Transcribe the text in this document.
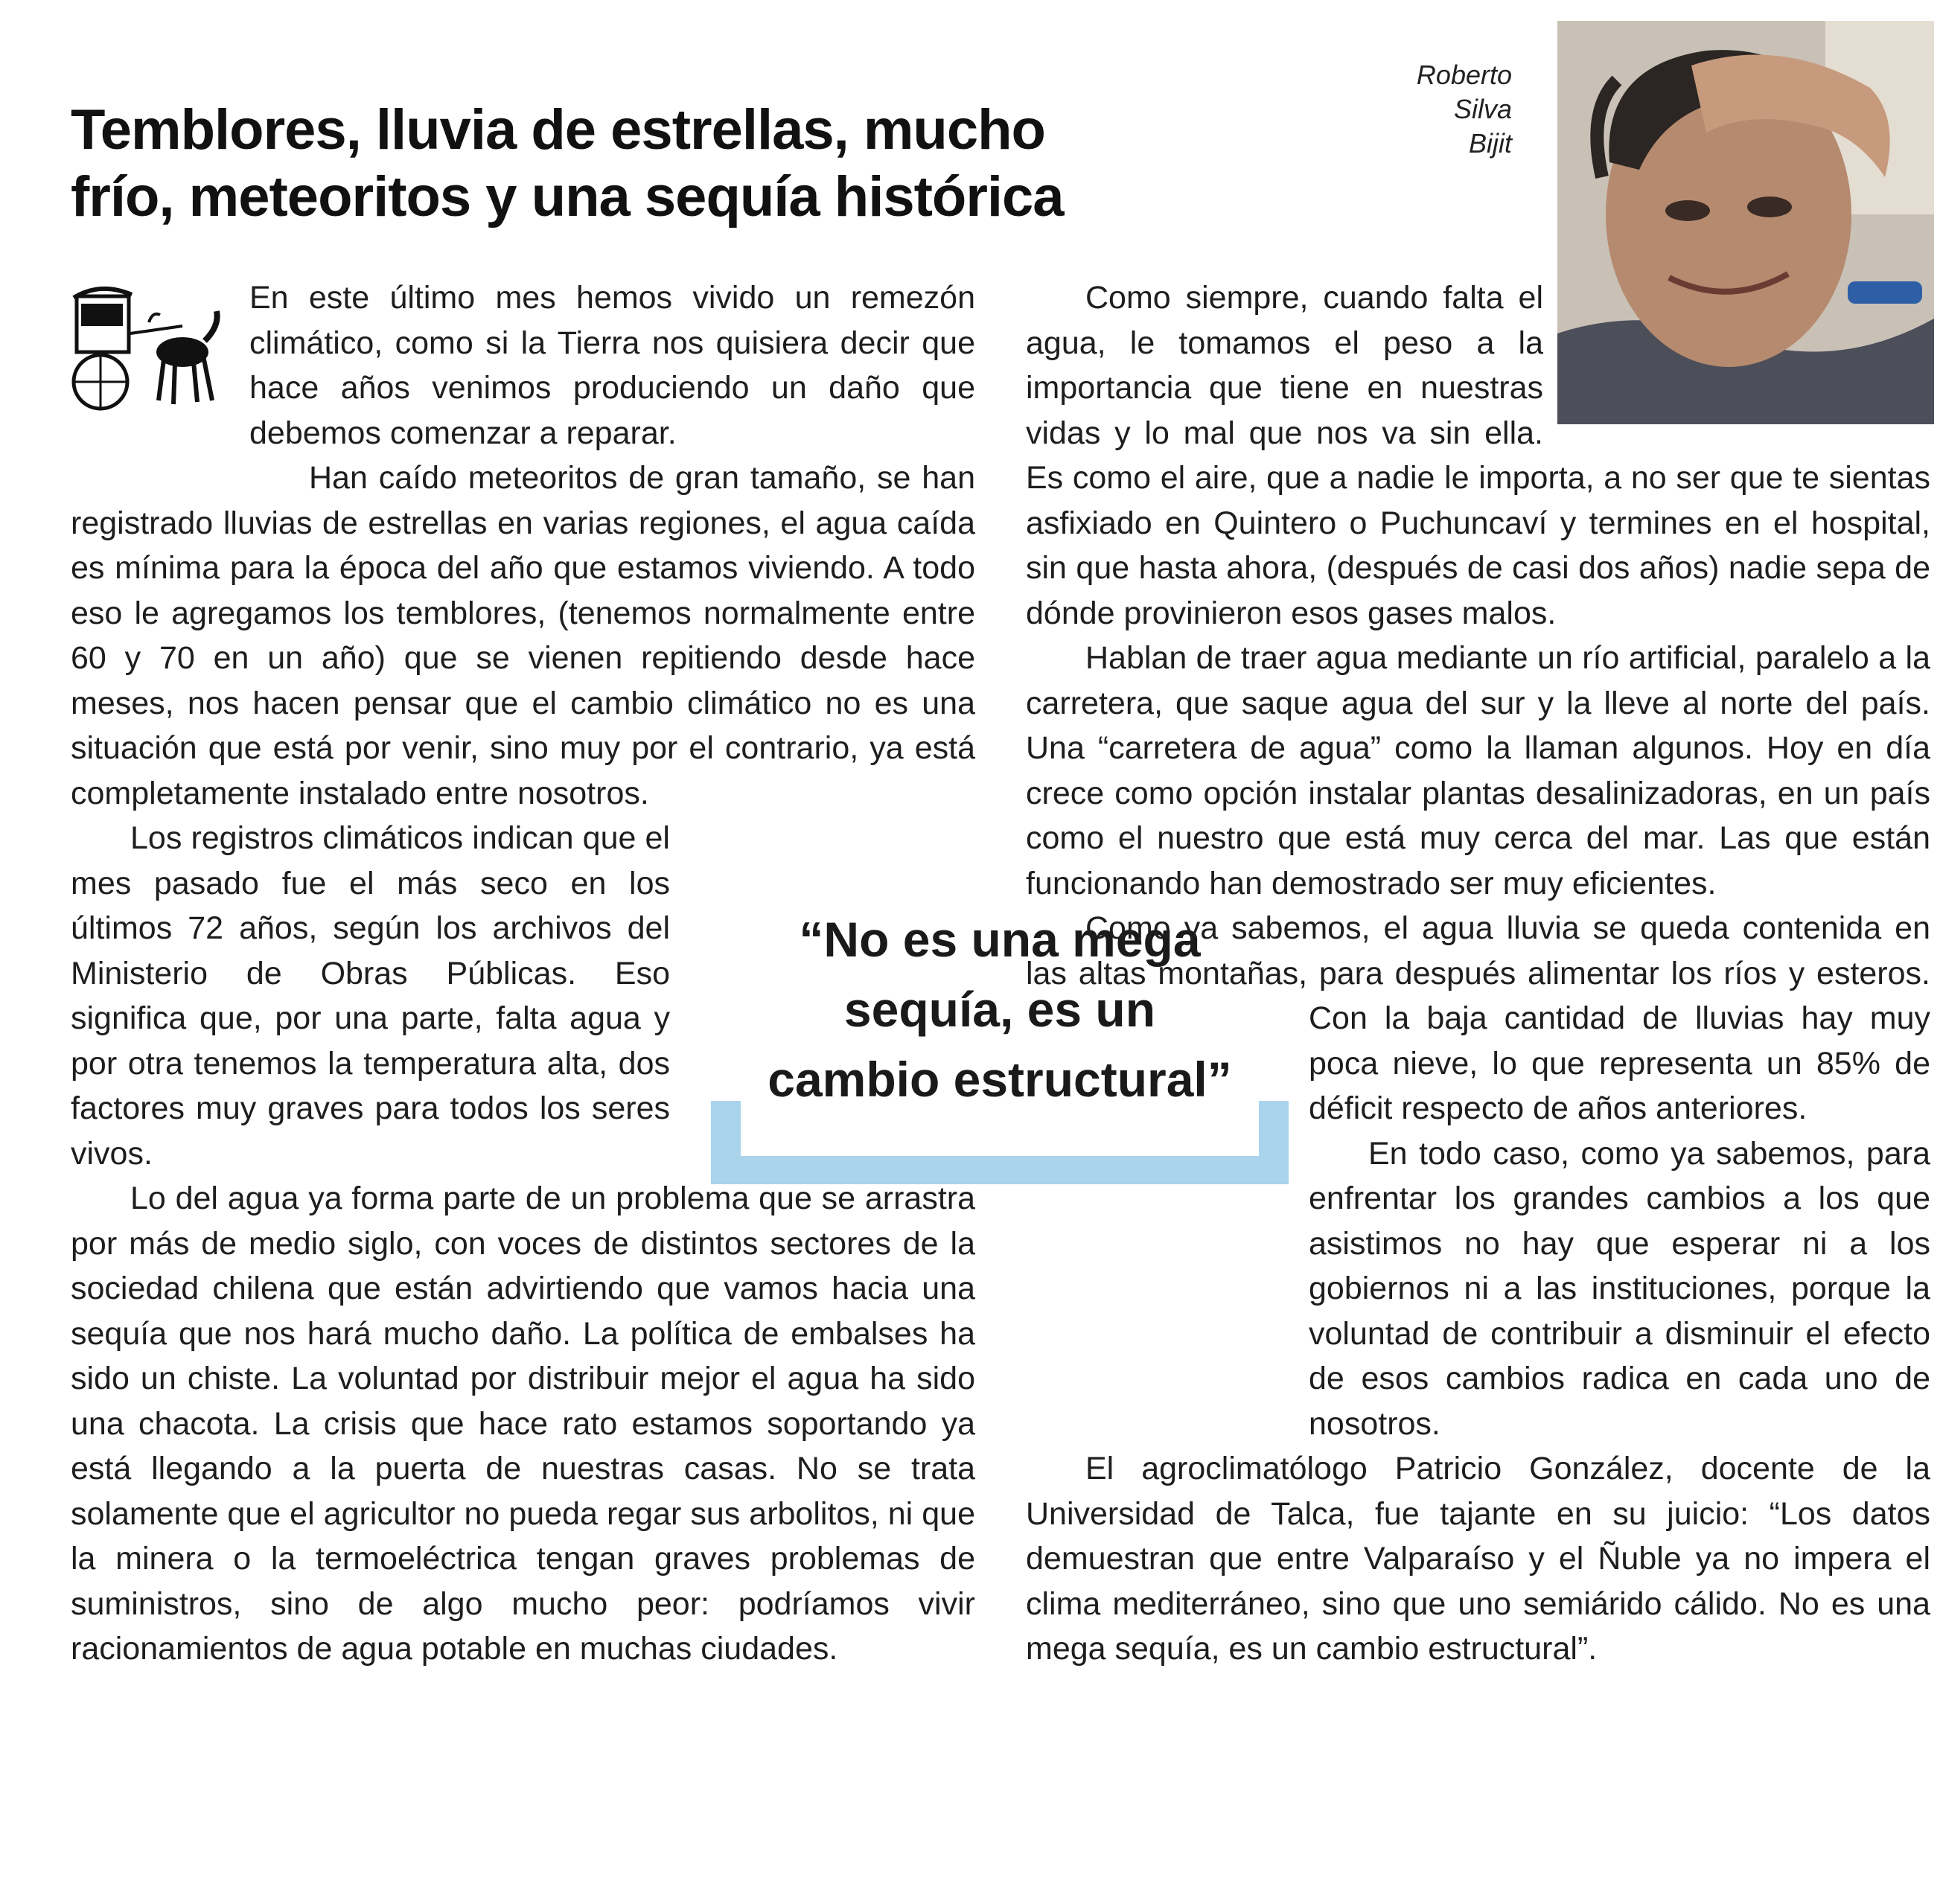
Temblores, lluvia de estrellas, mucho
frío, meteoritos y una sequía histórica
Roberto
Silva
Bijit
“No es una mega
sequía, es un
cambio estructural”

En este último mes hemos vivido un remezón climático, como si la Tierra nos quisiera decir que hace años venimos produciendo un daño que debemos comenzar a reparar.

Han caído meteoritos de gran tamaño, se han registrado lluvias de estrellas en varias regiones, el agua caída es mínima para la época del año que estamos viviendo. A todo eso le agregamos los temblores, (tenemos normalmente entre 60 y 70 en un año) que se vienen repitiendo desde hace meses, nos hacen pensar que el cambio climático no es una situación que está por venir, sino muy por el contrario, ya está completamente instalado entre nosotros.

Los registros climáticos indican que el mes pasado fue el más seco en los últimos 72 años, según los archivos del Ministerio de Obras Públicas. Eso significa que, por una parte, falta agua y por otra tenemos la temperatura alta, dos factores muy graves para todos los seres vivos.

Lo del agua ya forma parte de un problema que se arrastra por más de medio siglo, con voces de distintos sectores de la sociedad chilena que están advirtiendo que vamos hacia una sequía que nos hará mucho daño. La política de embalses ha sido un chiste. La voluntad por distribuir mejor el agua ha sido una chacota. La crisis que hace rato estamos soportando ya está llegando a la puerta de nuestras casas. No se trata solamente que el agricultor no pueda regar sus arbolitos, ni que la minera o la termoeléctrica tengan graves problemas de suministros, sino de algo mucho peor: podríamos vivir racionamientos de agua potable en muchas ciudades.

Como siempre, cuando falta el agua, le tomamos el peso a la importancia que tiene en nuestras vidas y lo mal que nos va sin ella. Es como el aire, que a nadie le importa, a no ser que te sientas asfixiado en Quintero o Puchuncaví y termines en el hospital, sin que hasta ahora, (después de casi dos años) nadie sepa de dónde provinieron esos gases malos.

Hablan de traer agua mediante un río artificial, paralelo a la carretera, que saque agua del sur y la lleve al norte del país. Una “carretera de agua” como la llaman algunos. Hoy en día crece como opción instalar plantas desalinizadoras, en un país como el nuestro que está muy cerca del mar. Las que están funcionando han demostrado ser muy eficientes.

Como ya sabemos, el agua lluvia se queda contenida en las altas montañas, para después alimentar los ríos y esteros. Con la baja cantidad de lluvias hay muy poca nieve, lo que representa un 85% de déficit respecto de años anteriores.

En todo caso, como ya sabemos, para enfrentar los grandes cambios a los que asistimos no hay que esperar ni a los gobiernos ni a las instituciones, porque la voluntad de contribuir a disminuir el efecto de esos cambios radica en cada uno de nosotros.

El agroclimatólogo Patricio González, docente de la Universidad de Talca, fue tajante en su juicio: “Los datos demuestran que entre Valparaíso y el Ñuble ya no impera el clima mediterráneo, sino que uno semiárido cálido. No es una mega sequía, es un cambio estructural”.
